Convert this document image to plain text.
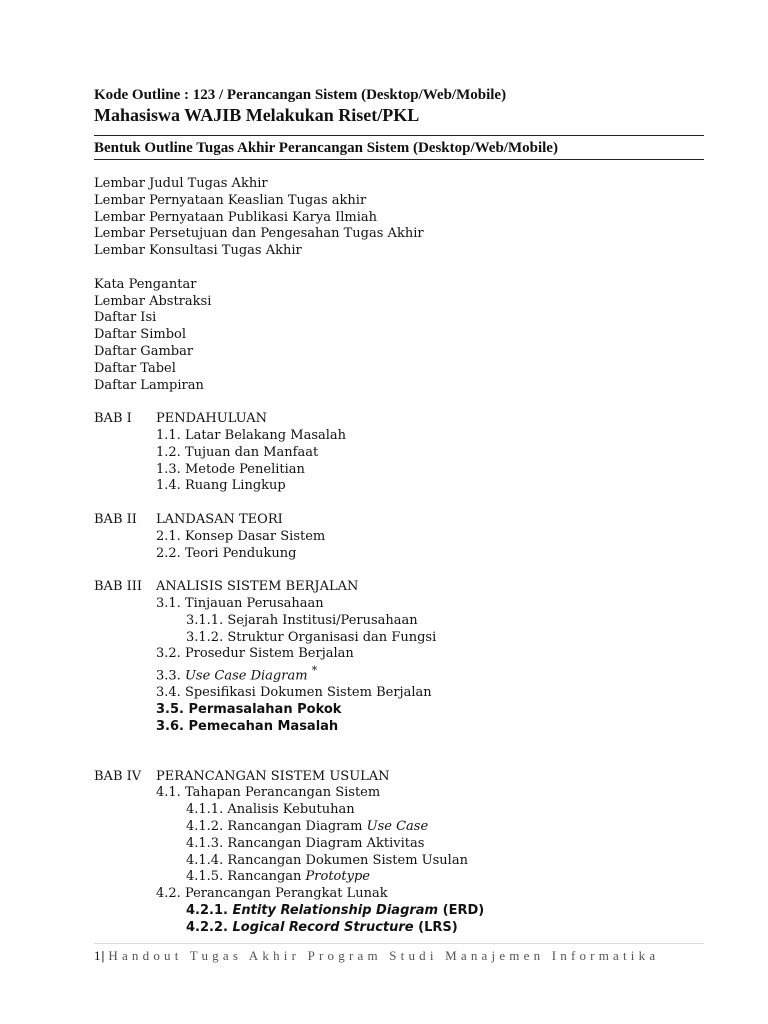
Kode Outline : 123 / Perancangan Sistem (Desktop/Web/Mobile)
Mahasiswa WAJIB Melakukan Riset/PKL
Bentuk Outline Tugas Akhir Perancangan Sistem (Desktop/Web/Mobile)
Lembar Judul Tugas Akhir
Lembar Pernyataan Keaslian Tugas akhir
Lembar Pernyataan Publikasi Karya Ilmiah
Lembar Persetujuan dan Pengesahan Tugas Akhir
Lembar Konsultasi Tugas Akhir
Kata Pengantar
Lembar Abstraksi
Daftar Isi
Daftar Simbol
Daftar Gambar
Daftar Tabel
Daftar Lampiran
BAB I	PENDAHULUAN
1.1. Latar Belakang Masalah
1.2. Tujuan dan Manfaat
1.3. Metode Penelitian
1.4. Ruang Lingkup
BAB II	LANDASAN TEORI
2.1. Konsep Dasar Sistem
2.2. Teori Pendukung
BAB III	ANALISIS SISTEM BERJALAN
3.1. Tinjauan Perusahaan
3.1.1. Sejarah Institusi/Perusahaan
3.1.2. Struktur Organisasi dan Fungsi
3.2. Prosedur Sistem Berjalan
3.3. Use Case Diagram *
3.4. Spesifikasi Dokumen Sistem Berjalan
3.5. Permasalahan Pokok
3.6. Pemecahan Masalah
BAB IV	PERANCANGAN SISTEM USULAN
4.1. Tahapan Perancangan Sistem
4.1.1. Analisis Kebutuhan
4.1.2. Rancangan Diagram Use Case
4.1.3. Rancangan Diagram Aktivitas
4.1.4. Rancangan Dokumen Sistem Usulan
4.1.5. Rancangan Prototype
4.2. Perancangan Perangkat Lunak
4.2.1. Entity Relationship Diagram (ERD)
4.2.2. Logical Record Structure (LRS)
1| Handout Tugas Akhir Program Studi Manajemen Informatika
